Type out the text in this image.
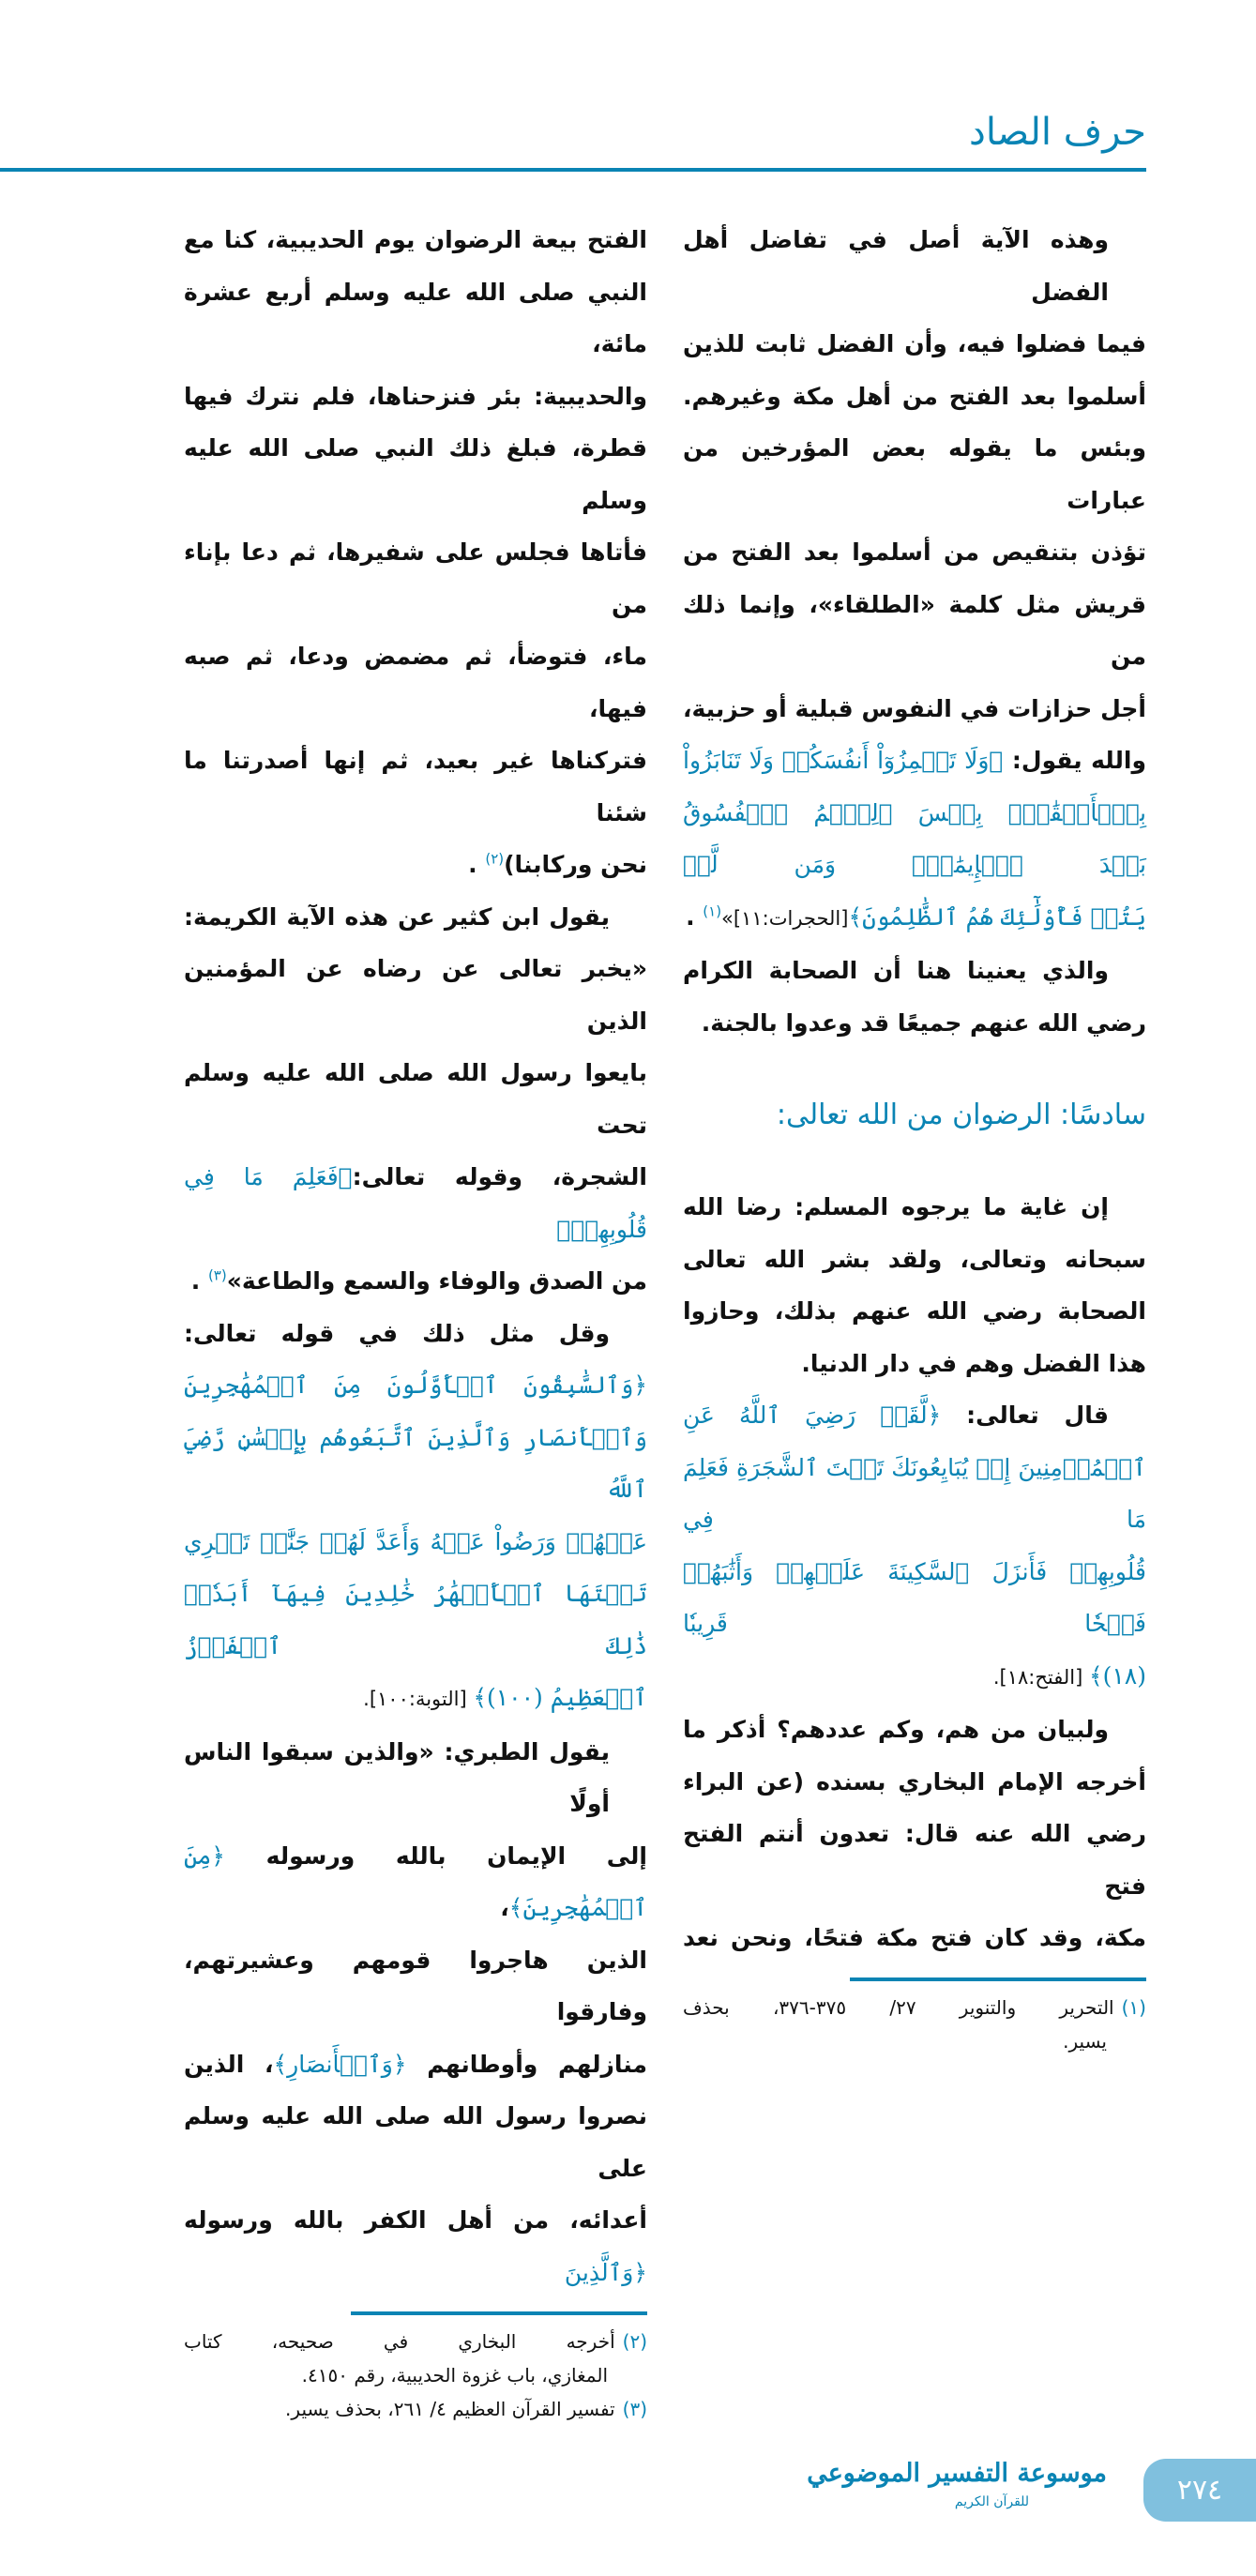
حرف الصاد
وهذه الآية أصل في تفاضل أهل الفضل
فيما فضلوا فيه، وأن الفضل ثابت للذين
أسلموا بعد الفتح من أهل مكة وغيرهم.
وبئس ما يقوله بعض المؤرخين من عبارات
تؤذن بتنقيص من أسلموا بعد الفتح من
قريش مثل كلمة «الطلقاء»، وإنما ذلك من
أجل حزازات في النفوس قبلية أو حزبية،
والله يقول: ﴿وَلَا تَلۡمِزُوٓاْ أَنفُسَكُمۡ وَلَا تَنَابَزُواْ
بِٱلۡأَلۡقَٰبِۖ بِئۡسَ ٱلِٱسۡمُ ٱلۡفُسُوقُ بَعۡدَ ٱلۡإِيمَٰنِۚ وَمَن لَّمۡ
يَتُبۡ فَأُوْلَٰٓئِكَ هُمُ ٱلظَّٰلِمُونَ﴾[الحجرات:١١]»$^{(١)}$ .
والذي يعنينا هنا أن الصحابة الكرام
رضي الله عنهم جميعًا قد وعدوا بالجنة.
سادسًا: الرضوان من الله تعالى:
إن غاية ما يرجوه المسلم: رضا الله
سبحانه وتعالى، ولقد بشر الله تعالى
الصحابة رضي الله عنهم بذلك، وحازوا
هذا الفضل وهم في دار الدنيا.
قال تعالى: ﴿لَّقَدۡ رَضِيَ ٱللَّهُ عَنِ
ٱلۡمُؤۡمِنِينَ إِذۡ يُبَايِعُونَكَ تَحۡتَ ٱلشَّجَرَةِ فَعَلِمَ مَا فِي
قُلُوبِهِمۡ فَأَنزَلَ ٱلسَّكِينَةَ عَلَيۡهِمۡ وَأَثَٰبَهُمۡ فَتۡحٗا قَرِيبٗا
(١٨)﴾ [الفتح:١٨].
ولبيان من هم، وكم عددهم؟ أذكر ما
أخرجه الإمام البخاري بسنده (عن البراء
رضي الله عنه قال: تعدون أنتم الفتح فتح
مكة، وقد كان فتح مكة فتحًا، ونحن نعد
(١)التحرير والتنوير ٢٧/ ٣٧٥-٣٧٦، بحذف
يسير.
الفتح بيعة الرضوان يوم الحديبية، كنا مع
النبي صلى الله عليه وسلم أربع عشرة مائة،
والحديبية: بئر فنزحناها، فلم نترك فيها
قطرة، فبلغ ذلك النبي صلى الله عليه وسلم
فأتاها فجلس على شفيرها، ثم دعا بإناء من
ماء، فتوضأ، ثم مضمض ودعا، ثم صبه فيها،
فتركناها غير بعيد، ثم إنها أصدرتنا ما شئنا
نحن وركابنا)$^{(٢)}$ .
يقول ابن كثير عن هذه الآية الكريمة:
«يخبر تعالى عن رضاه عن المؤمنين الذين
بايعوا رسول الله صلى الله عليه وسلم تحت
الشجرة، وقوله تعالى:﴿فَعَلِمَ مَا فِي قُلُوبِهِمۡ﴾
من الصدق والوفاء والسمع والطاعة»$^{(٣)}$ .
وقل مثل ذلك في قوله تعالى:
﴿وَٱلسَّٰبِقُونَ ٱلۡأَوَّلُونَ مِنَ ٱلۡمُهَٰجِرِينَ
وَٱلۡأَنصَارِ وَٱلَّذِينَ ٱتَّبَعُوهُم بِإِحۡسَٰنٖ رَّضِيَ ٱللَّهُ
عَنۡهُمۡ وَرَضُواْ عَنۡهُ وَأَعَدَّ لَهُمۡ جَنَّٰتٖ تَجۡرِي
تَحۡتَهَا ٱلۡأَنۡهَٰرُ خَٰلِدِينَ فِيهَآ أَبَدٗاۚ ذَٰلِكَ ٱلۡفَوۡزُ
ٱلۡعَظِيمُ (١٠٠)﴾ [التوبة:١٠٠].
يقول الطبري: «والذين سبقوا الناس أولًا
إلى الإيمان بالله ورسوله ﴿مِنَ ٱلۡمُهَٰجِرِينَ﴾،
الذين هاجروا قومهم وعشيرتهم، وفارقوا
منازلهم وأوطانهم ﴿وَٱلۡأَنصَارِ﴾، الذين
نصروا رسول الله صلى الله عليه وسلم على
أعدائه، من أهل الكفر بالله ورسوله ﴿وَٱلَّذِينَ
(٢)أخرجه البخاري في صحيحه، كتاب
المغازي، باب غزوة الحديبية، رقم ٤١٥٠.
(٣)تفسير القرآن العظيم ٤/ ٢٦١، بحذف يسير.
موسوعة التفسير الموضوعي
للقرآن الكريم	٢٧٤
